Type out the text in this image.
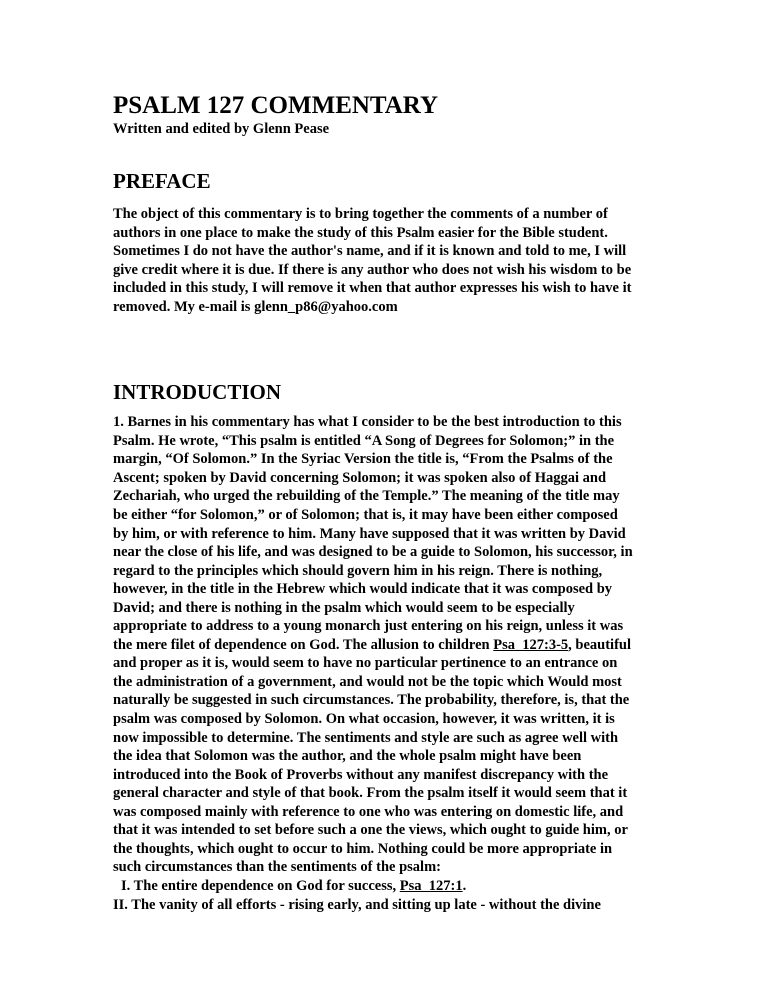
PSALM 127 COMMENTARY

Written and edited by Glenn Pease

PREFACE
The object of this commentary is to bring together the comments of a number of
authors in one place to make the study of this Psalm easier for the Bible student.
Sometimes I do not have the author's name, and if it is known and told to me, I will
give credit where it is due. If there is any author who does not wish his wisdom to be
included in this study, I will remove it when that author expresses his wish to have it
removed. My e-mail is glenn_p86@yahoo.com
INTRODUCTION
1. Barnes in his commentary has what I consider to be the best introduction to this
Psalm. He wrote, “This psalm is entitled “A Song of Degrees for Solomon;” in the
margin, “Of Solomon.” In the Syriac Version the title is, “From the Psalms of the
Ascent; spoken by David concerning Solomon; it was spoken also of Haggai and
Zechariah, who urged the rebuilding of the Temple.” The meaning of the title may
be either “for Solomon,” or of Solomon; that is, it may have been either composed
by him, or with reference to him. Many have supposed that it was written by David
near the close of his life, and was designed to be a guide to Solomon, his successor, in
regard to the principles which should govern him in his reign. There is nothing,
however, in the title in the Hebrew which would indicate that it was composed by
David; and there is nothing in the psalm which would seem to be especially
appropriate to address to a young monarch just entering on his reign, unless it was
the mere filet of dependence on God. The allusion to children Psa_127:3-5, beautiful
and proper as it is, would seem to have no particular pertinence to an entrance on
the administration of a government, and would not be the topic which Would most
naturally be suggested in such circumstances. The probability, therefore, is, that the
psalm was composed by Solomon. On what occasion, however, it was written, it is
now impossible to determine. The sentiments and style are such as agree well with
the idea that Solomon was the author, and the whole psalm might have been
introduced into the Book of Proverbs without any manifest discrepancy with the
general character and style of that book. From the psalm itself it would seem that it
was composed mainly with reference to one who was entering on domestic life, and
that it was intended to set before such a one the views, which ought to guide him, or
the thoughts, which ought to occur to him. Nothing could be more appropriate in
such circumstances than the sentiments of the psalm:
I. The entire dependence on God for success, Psa_127:1.
II. The vanity of all efforts - rising early, and sitting up late - without the divine
